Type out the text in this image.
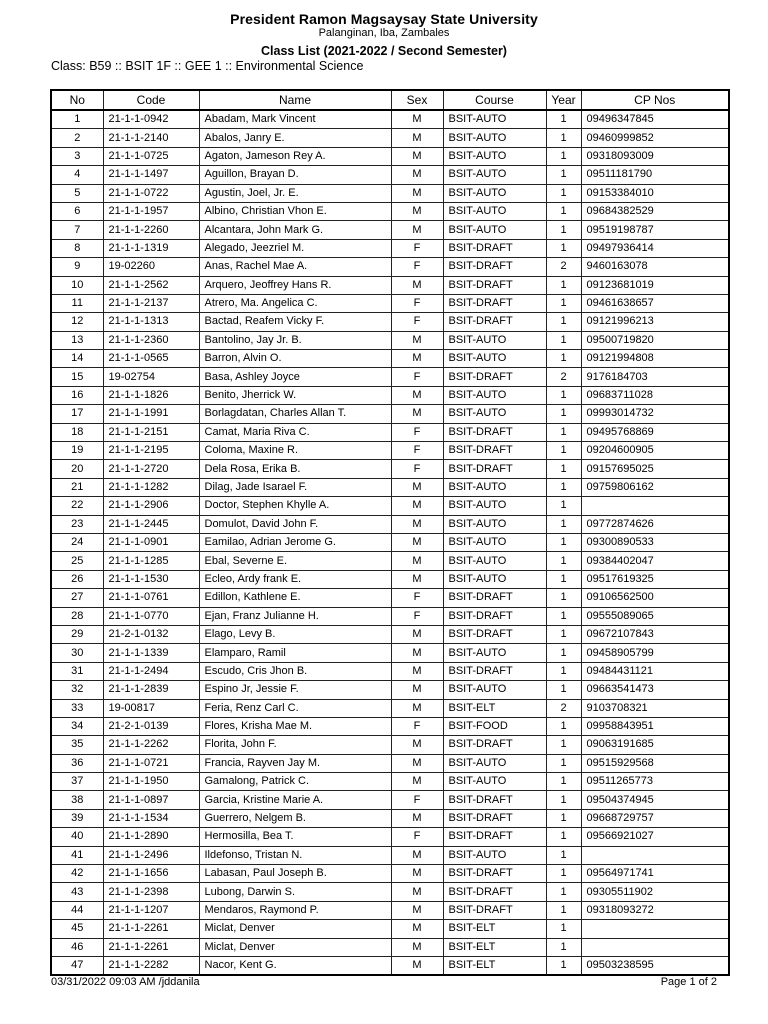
President Ramon Magsaysay State University
Palanginan, Iba, Zambales
Class List (2021-2022 / Second Semester)
Class: B59 :: BSIT 1F :: GEE 1 :: Environmental Science
No	Code	Name	Sex	Course	Year	CP Nos
1	21-1-1-0942	Abadam, Mark Vincent	M	BSIT-AUTO	1	09496347845
2	21-1-1-2140	Abalos, Janry E.	M	BSIT-AUTO	1	09460999852
3	21-1-1-0725	Agaton, Jameson Rey A.	M	BSIT-AUTO	1	09318093009
4	21-1-1-1497	Aguillon, Brayan D.	M	BSIT-AUTO	1	09511181790
5	21-1-1-0722	Agustin, Joel, Jr. E.	M	BSIT-AUTO	1	09153384010
6	21-1-1-1957	Albino, Christian Vhon E.	M	BSIT-AUTO	1	09684382529
7	21-1-1-2260	Alcantara, John Mark G.	M	BSIT-AUTO	1	09519198787
8	21-1-1-1319	Alegado, Jeezriel M.	F	BSIT-DRAFT	1	09497936414
9	19-02260	Anas, Rachel Mae A.	F	BSIT-DRAFT	2	9460163078
10	21-1-1-2562	Arquero, Jeoffrey Hans R.	M	BSIT-DRAFT	1	09123681019
11	21-1-1-2137	Atrero, Ma. Angelica C.	F	BSIT-DRAFT	1	09461638657
12	21-1-1-1313	Bactad, Reafem Vicky F.	F	BSIT-DRAFT	1	09121996213
13	21-1-1-2360	Bantolino, Jay Jr. B.	M	BSIT-AUTO	1	09500719820
14	21-1-1-0565	Barron, Alvin O.	M	BSIT-AUTO	1	09121994808
15	19-02754	Basa, Ashley Joyce	F	BSIT-DRAFT	2	9176184703
16	21-1-1-1826	Benito, Jherrick W.	M	BSIT-AUTO	1	09683711028
17	21-1-1-1991	Borlagdatan, Charles Allan T.	M	BSIT-AUTO	1	09993014732
18	21-1-1-2151	Camat, Maria Riva C.	F	BSIT-DRAFT	1	09495768869
19	21-1-1-2195	Coloma, Maxine R.	F	BSIT-DRAFT	1	09204600905
20	21-1-1-2720	Dela Rosa, Erika B.	F	BSIT-DRAFT	1	09157695025
21	21-1-1-1282	Dilag, Jade Isarael F.	M	BSIT-AUTO	1	09759806162
22	21-1-1-2906	Doctor, Stephen Khylle A.	M	BSIT-AUTO	1	
23	21-1-1-2445	Domulot, David John F.	M	BSIT-AUTO	1	09772874626
24	21-1-1-0901	Eamilao, Adrian Jerome G.	M	BSIT-AUTO	1	09300890533
25	21-1-1-1285	Ebal, Severne E.	M	BSIT-AUTO	1	09384402047
26	21-1-1-1530	Ecleo, Ardy frank E.	M	BSIT-AUTO	1	09517619325
27	21-1-1-0761	Edillon, Kathlene E.	F	BSIT-DRAFT	1	09106562500
28	21-1-1-0770	Ejan, Franz Julianne H.	F	BSIT-DRAFT	1	09555089065
29	21-2-1-0132	Elago, Levy B.	M	BSIT-DRAFT	1	09672107843
30	21-1-1-1339	Elamparo, Ramil	M	BSIT-AUTO	1	09458905799
31	21-1-1-2494	Escudo, Cris Jhon B.	M	BSIT-DRAFT	1	09484431121
32	21-1-1-2839	Espino Jr, Jessie F.	M	BSIT-AUTO	1	09663541473
33	19-00817	Feria, Renz Carl C.	M	BSIT-ELT	2	9103708321
34	21-2-1-0139	Flores, Krisha Mae M.	F	BSIT-FOOD	1	09958843951
35	21-1-1-2262	Florita, John F.	M	BSIT-DRAFT	1	09063191685
36	21-1-1-0721	Francia, Rayven Jay M.	M	BSIT-AUTO	1	09515929568
37	21-1-1-1950	Gamalong, Patrick C.	M	BSIT-AUTO	1	09511265773
38	21-1-1-0897	Garcia, Kristine Marie A.	F	BSIT-DRAFT	1	09504374945
39	21-1-1-1534	Guerrero, Nelgem B.	M	BSIT-DRAFT	1	09668729757
40	21-1-1-2890	Hermosilla, Bea T.	F	BSIT-DRAFT	1	09566921027
41	21-1-1-2496	Ildefonso, Tristan N.	M	BSIT-AUTO	1	
42	21-1-1-1656	Labasan, Paul Joseph B.	M	BSIT-DRAFT	1	09564971741
43	21-1-1-2398	Lubong, Darwin S.	M	BSIT-DRAFT	1	09305511902
44	21-1-1-1207	Mendaros, Raymond P.	M	BSIT-DRAFT	1	09318093272
45	21-1-1-2261	Miclat, Denver	M	BSIT-ELT	1	
46	21-1-1-2261	Miclat, Denver	M	BSIT-ELT	1	
47	21-1-1-2282	Nacor, Kent G.	M	BSIT-ELT	1	09503238595
03/31/2022 09:03 AM /jddanila	Page 1 of 2
